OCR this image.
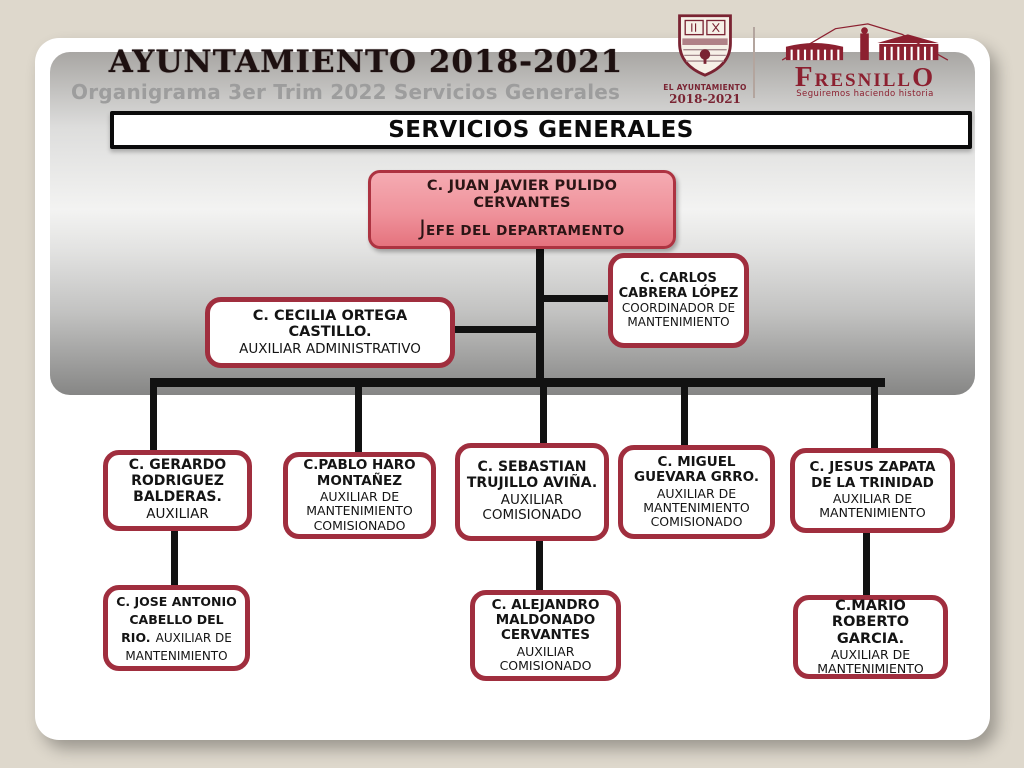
AYUNTAMIENTO 2018-2021
Organigrama 3er Trim 2022 Servicios Generales
SERVICIOS GENERALES
C. JUAN JAVIER PULIDO CERVANTES
JEFE DEL DEPARTAMENTO
C. CARLOS CABRERA LÓPEZ
COORDINADOR DE MANTENIMIENTO
C. CECILIA ORTEGA CASTILLO.
AUXILIAR ADMINISTRATIVO
C. GERARDO RODRIGUEZ BALDERAS.
AUXILIAR
C.PABLO HARO MONTAÑEZ
AUXILIAR DE MANTENIMIENTO COMISIONADO
C. SEBASTIAN TRUJILLO AVIÑA.
AUXILIAR COMISIONADO
C. MIGUEL GUEVARA GRRO.
AUXILIAR DE MANTENIMIENTO COMISIONADO
C. JESUS ZAPATA DE LA TRINIDAD
AUXILIAR DE MANTENIMIENTO
C. JOSE ANTONIO CABELLO DEL RIO. AUXILIAR DE MANTENIMIENTO
C. ALEJANDRO MALDONADO CERVANTES
AUXILIAR COMISIONADO
C.MARIO ROBERTO GARCIA.
AUXILIAR DE MANTENIMIENTO
EL AYUNTAMIENTO
2018-2021
FRESNILLO
Seguiremos haciendo historia
